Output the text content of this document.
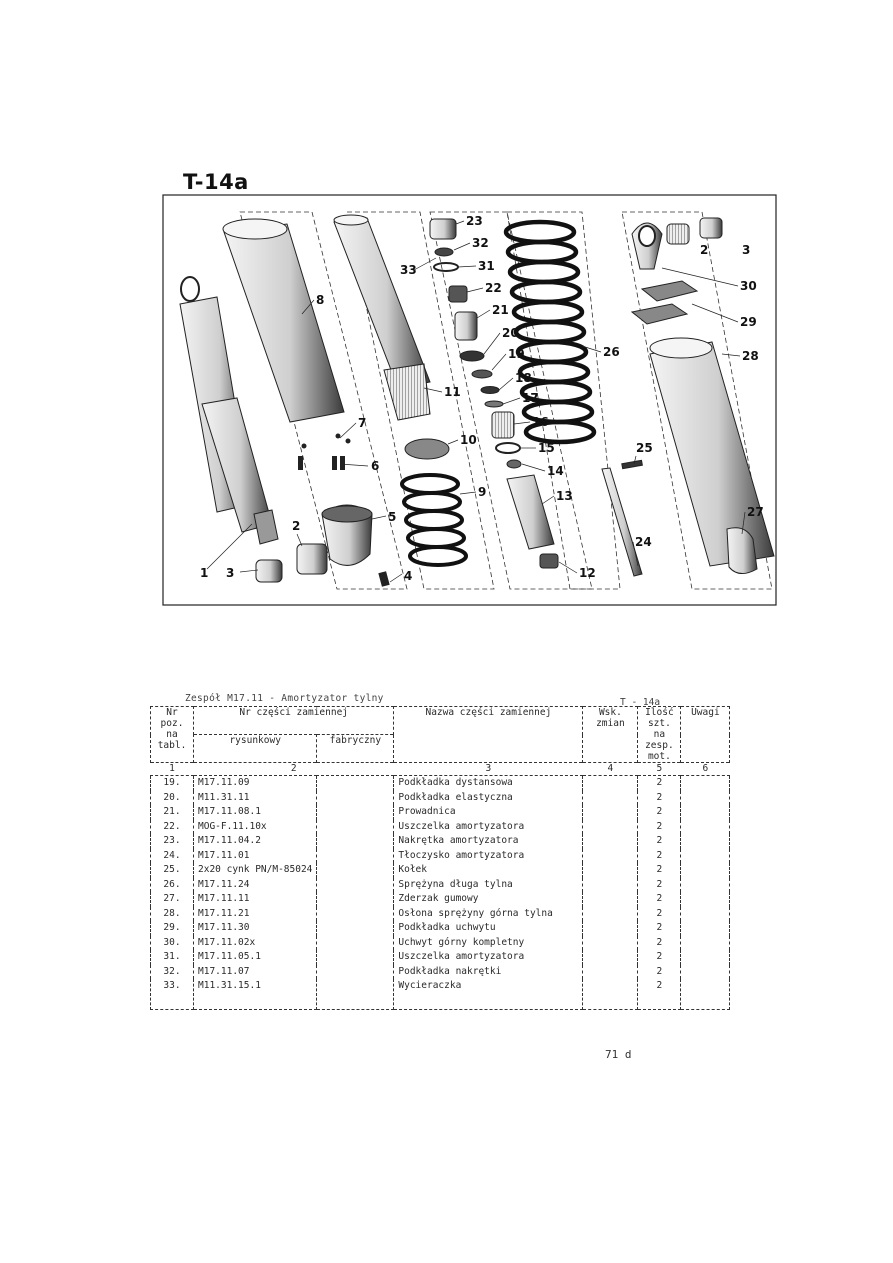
T-14a
1
2
3	4
5
6
7
8
9
10
11
12
13
14
15
16
17
18
19
20
21
22
23
24
25
26
27
28
29
30
31
32
33
2	3
Zespół M17.11 - Amortyzator tylny	T - 14a
Nr poz. na tabl.	Nr części zamiennej		Nazwa części zamiennej	Wsk. zmian	Ilość szt. na zesp. mot.	Uwagi
	rysunkowy	fabryczny				
1	2		3	4	5	6
19.	M17.11.09		Podkładka dystansowa		2	
20.	M11.31.11		Podkładka elastyczna		2	
21.	M17.11.08.1		Prowadnica		2	
22.	MOG-F.11.10x		Uszczelka amortyzatora		2	
23.	M17.11.04.2		Nakrętka amortyzatora		2	
24.	M17.11.01		Tłoczysko amortyzatora		2	
25.	2x20 cynk PN/M-85024		Kołek		2	
26.	M17.11.24		Sprężyna długa tylna		2	
27.	M17.11.11		Zderzak gumowy		2	
28.	M17.11.21		Osłona sprężyny górna tylna		2	
29.	M17.11.30		Podkładka uchwytu		2	
30.	M17.11.02x		Uchwyt górny kompletny		2	
31.	M17.11.05.1		Uszczelka amortyzatora		2	
32.	M17.11.07		Podkładka nakrętki		2	
33.	M11.31.15.1		Wycieraczka		2	
71 d
